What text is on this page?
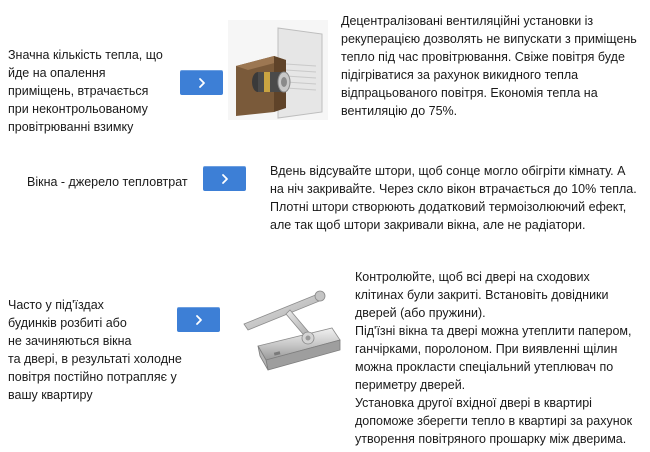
Значна кількість тепла, що
йде на опалення
приміщень, втрачається
при неконтрольованому
провітрюванні взимку
Децентралізовані вентиляційні установки із
рекуперацією дозволять не випускати з приміщень
тепло під час провітрювання. Свіже повітря буде
підігріватися за рахунок викидного тепла
відпрацьованого повітря. Економія тепла на
вентиляцію до 75%.
Вікна - джерело тепловтрат
Вдень відсувайте штори, щоб сонце могло обігріти кімнату. А
на ніч закривайте. Через скло вікон втрачається до 10% тепла.
Плотні штори створюють додатковий термоізолюючий ефект,
але так щоб штори закривали вікна, але не радіатори.
Часто у під'їздах
будинків розбиті або
не зачиняються вікна
та двері, в результаті холодне
повітря постійно потрапляє у
вашу квартиру
Контролюйте, щоб всі двері на сходових
клітинах були закриті. Встановіть довідники
дверей (або пружини).
Під'їзні вікна та двері можна утеплити папером,
ганчірками, поролоном. При виявленні щілин
можна прокласти спеціальний утеплювач по
периметру дверей.
Установка другої вхідної двері в квартирі
допоможе зберегти тепло в квартирі за рахунок
утворення повітряного прошарку між дверима.
